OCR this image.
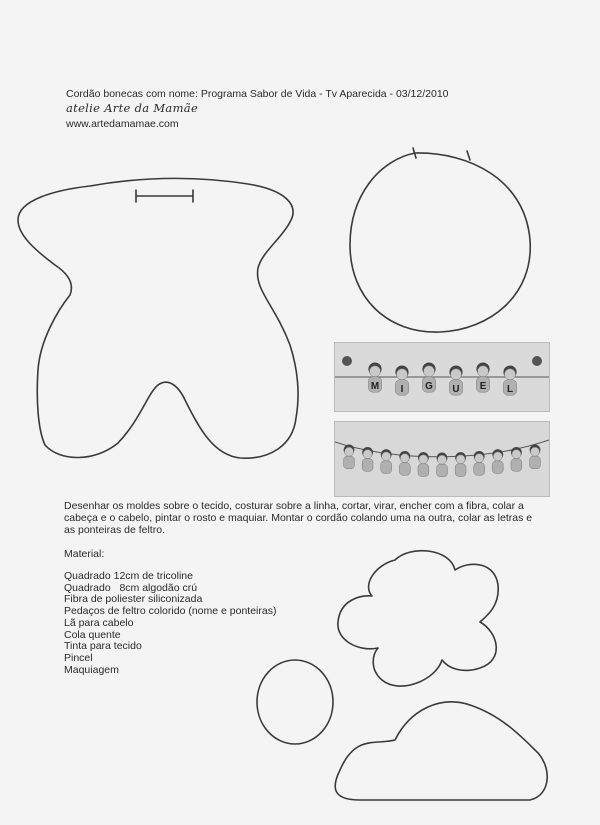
Cordão bonecas com nome: Programa Sabor de Vida - Tv Aparecida - 03/12/2010
atelie Arte da Mamãe
www.artedamamae.com
M I G U E L
Desenhar os moldes sobre o tecido, costurar sobre a linha, cortar, virar, encher com a fibra, colar a cabeça e o cabelo, pintar o rosto e maquiar. Montar o cordão colando uma na outra, colar as letras e as ponteiras de feltro.
Material:
Quadrado 12cm de tricoline
Quadrado   8cm algodão crú
Fibra de poliester siliconizada
Pedaços de feltro colorido (nome e ponteiras)
Lã para cabelo
Cola quente
Tinta para tecido
Pincel
Maquiagem
